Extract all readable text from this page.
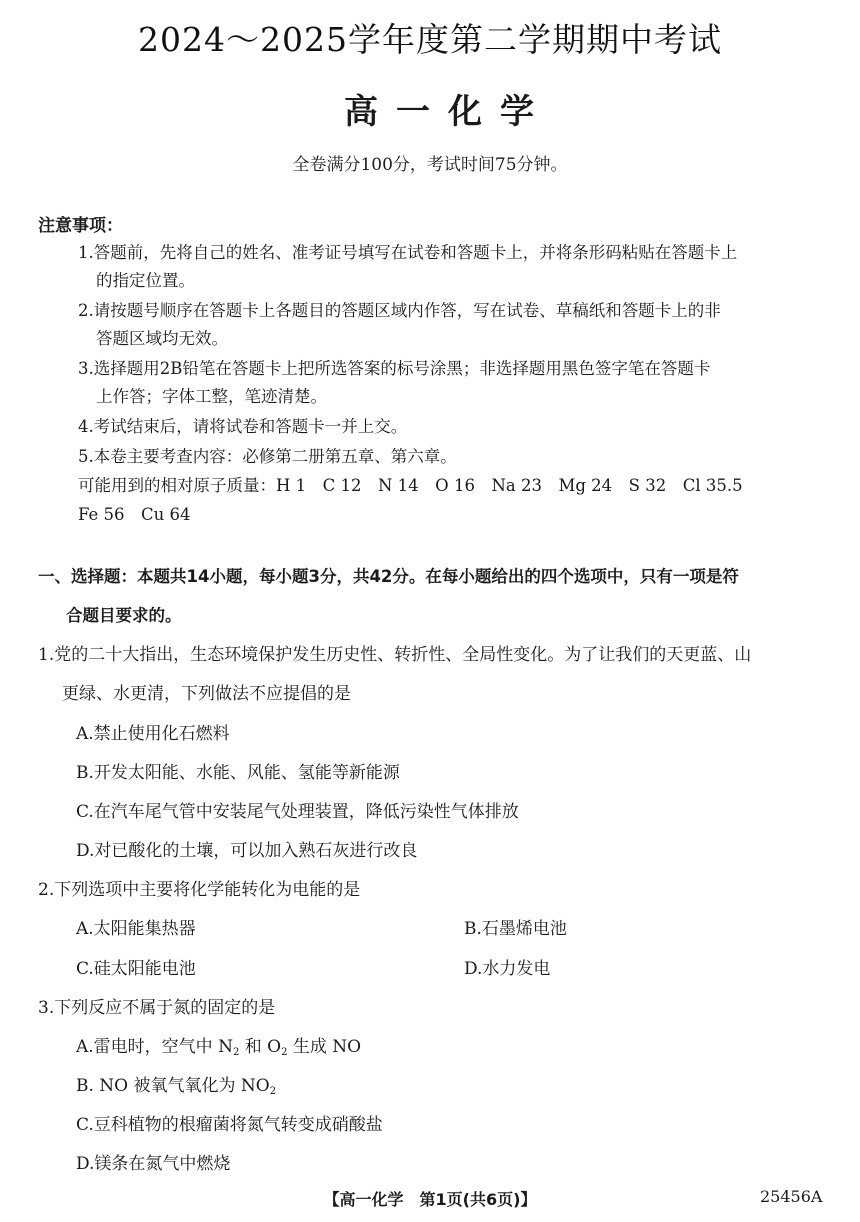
2024～2025学年度第二学期期中考试
高一化学
全卷满分100分，考试时间75分钟。
注意事项：
1.答题前，先将自己的姓名、准考证号填写在试卷和答题卡上，并将条形码粘贴在答题卡上
的指定位置。
2.请按题号顺序在答题卡上各题目的答题区域内作答，写在试卷、草稿纸和答题卡上的非
答题区域均无效。
3.选择题用2B铅笔在答题卡上把所选答案的标号涂黑；非选择题用黑色签字笔在答题卡
上作答；字体工整，笔迹清楚。
4.考试结束后，请将试卷和答题卡一并上交。
5.本卷主要考查内容：必修第二册第五章、第六章。
可能用到的相对原子质量：H 1　C 12　N 14　O 16　Na 23　Mg 24　S 32　Cl 35.5
Fe 56　Cu 64
一、选择题：本题共14小题，每小题3分，共42分。在每小题给出的四个选项中，只有一项是符
合题目要求的。
1.党的二十大指出，生态环境保护发生历史性、转折性、全局性变化。为了让我们的天更蓝、山
更绿、水更清，下列做法不应提倡的是
A.禁止使用化石燃料
B.开发太阳能、水能、风能、氢能等新能源
C.在汽车尾气管中安装尾气处理装置，降低污染性气体排放
D.对已酸化的土壤，可以加入熟石灰进行改良
2.下列选项中主要将化学能转化为电能的是
A.太阳能集热器	B.石墨烯电池
C.硅太阳能电池	D.水力发电
3.下列反应不属于氮的固定的是
A.雷电时，空气中 $N_2$ 和 $O_2$ 生成 NO
B. NO 被氧气氧化为 $NO_2$
C.豆科植物的根瘤菌将氮气转变成硝酸盐
D.镁条在氮气中燃烧
【高一化学　第1页(共6页)】	25456A
